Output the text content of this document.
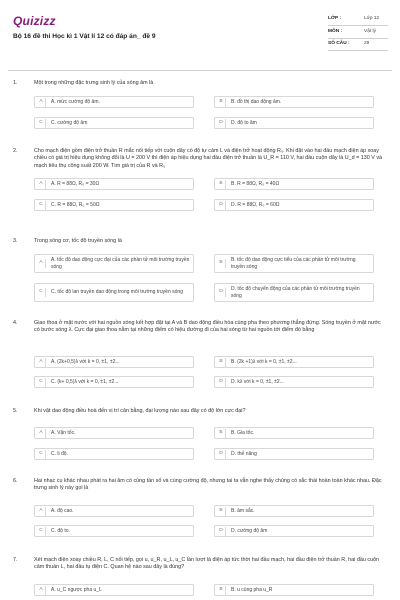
Quizizz
Bộ 16 đề thi Học kì 1 Vật lí 12 có đáp án_ đề 9
LỚP :	Lớp 12
MÔN :	Vật lý
SỐ CÂU :	29
1.	Một trong những đặc trưng sinh lý của sóng âm là
A	A. mức cường độ âm.	B	B. đồ thị dao động âm.
C	C. cường độ âm	D	D. độ to âm
2.	Cho mạch điện gồm điện trở thuần R mắc nối tiếp với cuộn dây có độ tự cảm L và điện trở hoạt động R₀. Khi đặt vào hai đầu mạch điện áp xoay chiều có giá trị hiệu dụng không đổi là U = 200 V thì điện áp hiệu dụng hai đầu điện trở thuần là U_R = 110 V, hai đầu cuộn dây là U_d = 130 V và mạch tiêu thụ công suất 200 W. Tìm giá trị của R và R₀
A	A. R = 88Ω, R₀ = 30Ω	B	B. R = 88Ω, R₀ = 40Ω
C	C. R = 88Ω, R₀ = 50Ω	D	D. R = 88Ω, R₀ = 60Ω
3.	Trong sóng cơ, tốc độ truyền sóng là
A
A. tốc độ dao động cực đại của các phần tử môi trường truyền sóng
B
B. tốc độ dao động cực tiểu của các phần tử môi trường truyền sóng
C	C. tốc độ lan truyền dao động trong môi trường truyền sóng	D
D. tốc độ chuyển động của các phần tử môi trường truyền sóng
4.	Giao thoa ở mặt nước với hai nguồn sóng kết hợp đặt tại A và B dao động điều hòa cùng pha theo phương thẳng đứng. Sóng truyền ở mặt nước có bước sóng λ. Cực đại giao thoa nằm tại những điểm có hiệu đường đi của hai sóng từ hai nguồn tới điểm đó bằng
A	A. (2k+0,5)λ với k = 0, ±1, ±2...	B	B. (2k +1)λ với k = 0, ±1, ±2...
C	C. (k+ 0,5)λ với k = 0, ±1, ±2...	D	D. kλ với k = 0, ±1, ±2...
5.	Khi vật dao động điều hoà đến vị trí cân bằng, đại lượng nào sau đây có độ lớn cực đại?
A	A. Vận tốc.	B	B. Gia tốc.
C	C. li độ.	D	D. thế năng
6.	Hai nhạc cụ khác nhau phát ra hai âm có cùng tần số và cùng cường độ, nhưng tai ta vẫn nghe thấy chúng có sắc thái hoàn toàn khác nhau. Đặc trưng sinh lý này gọi là
A	A. độ cao.	B	B. âm sắc.
C	C. độ to.	D	D. cường độ âm
7.	Xét mạch điện xoay chiều R, L, C nối tiếp, gọi u, u_R, u_L, u_C lần lượt là điện áp tức thời hai đầu mạch, hai đầu điện trở thuần R, hai đầu cuộn cảm thuần L, hai đầu tụ điện C. Quan hệ nào sau đây là đúng?
A	A. u_C ngược pha u_L	B	B. u cùng pha u_R
